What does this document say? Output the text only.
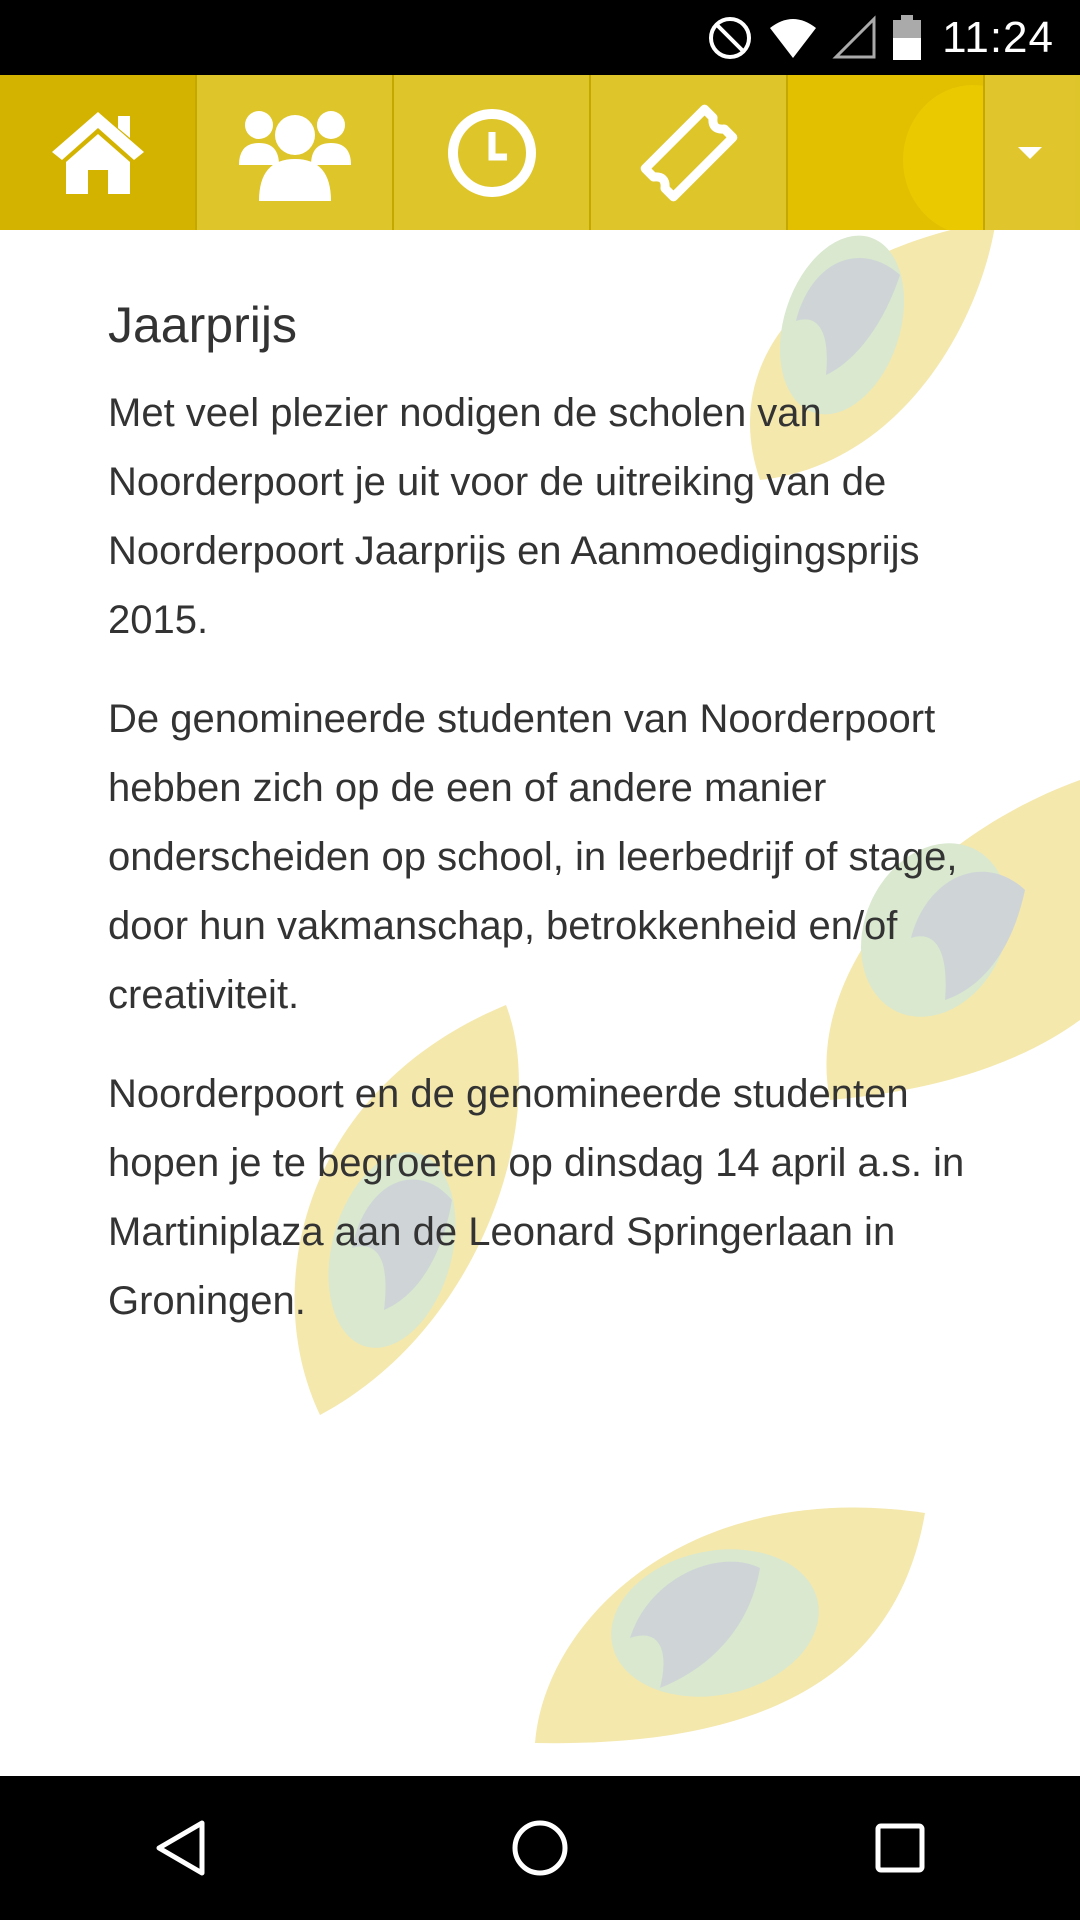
11:24
Jaarprijs

Met veel plezier nodigen de scholen van Noorderpoort je uit voor de uitreiking van de Noorderpoort Jaarprijs en Aanmoedigingsprijs 2015.

De genomineerde studenten van Noorderpoort hebben zich op de een of andere manier onderscheiden op school, in leerbedrijf of stage, door hun vakmanschap, betrokkenheid en/of creativiteit.

Noorderpoort en de genomineerde studenten hopen je te begroeten op dinsdag 14 april a.s. in Martiniplaza aan de Leonard Springerlaan in Groningen.
